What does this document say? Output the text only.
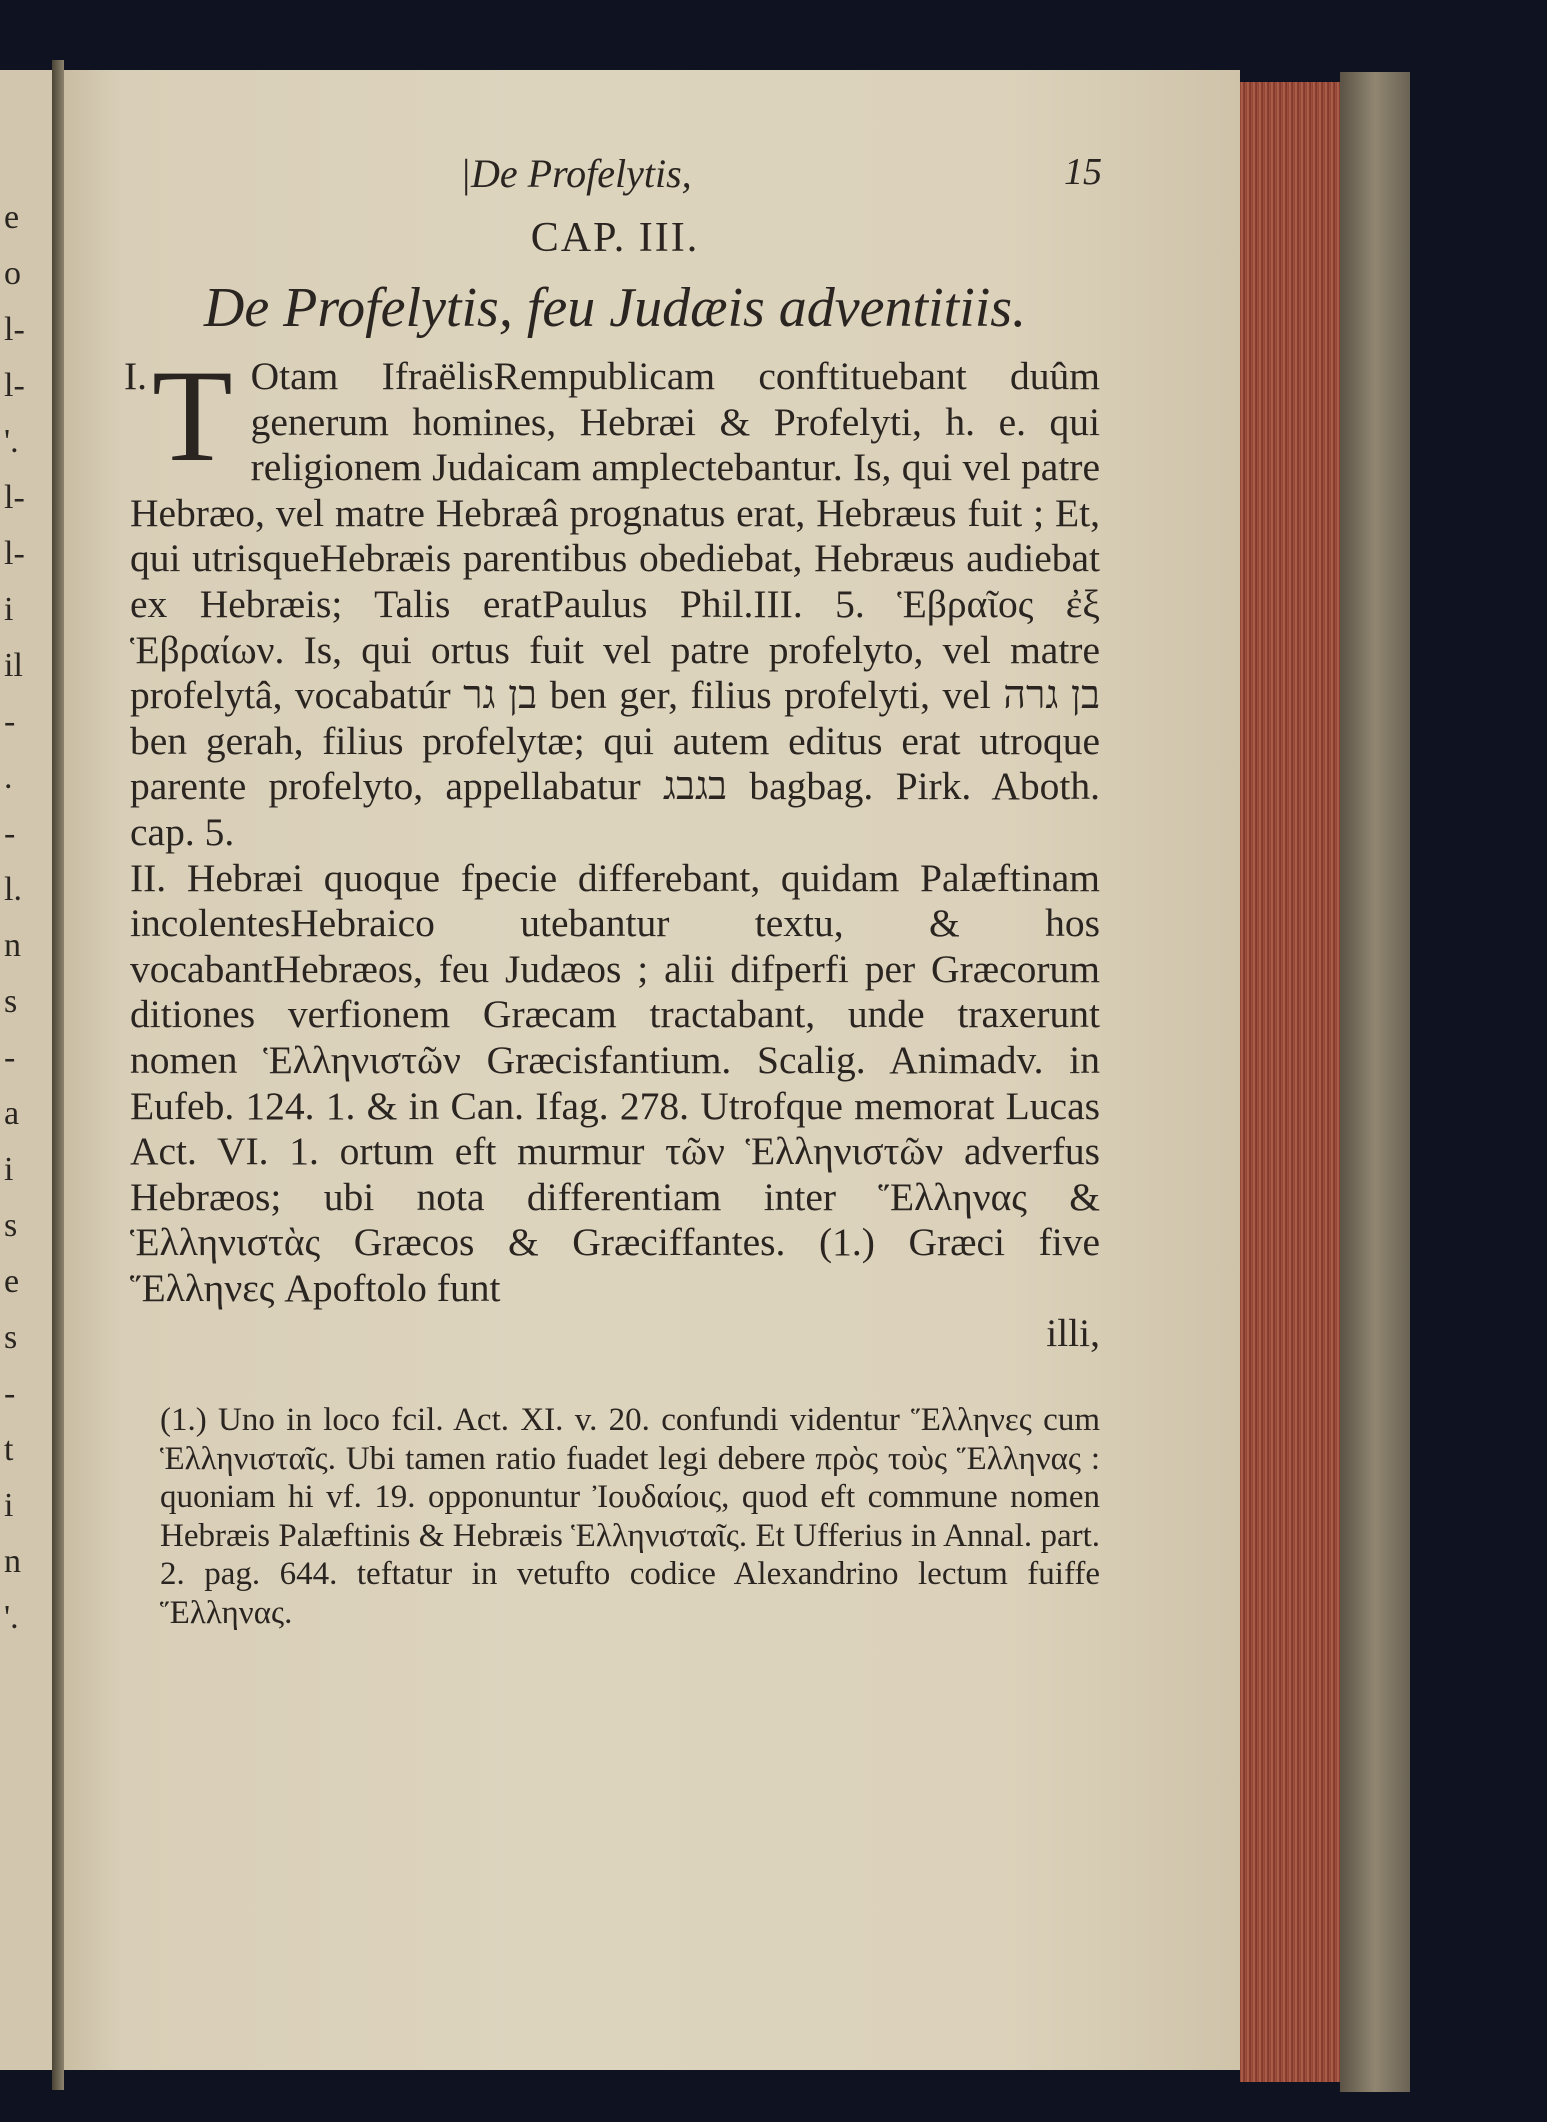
e
o
l-
l-
'.
l-
l-
i
il
-
.
-
l.
n
s
-
a
i
s
e
s
-
t
i
n
'.
|De Profelytis,	15
CAP. III.
De Profelytis, feu Judæis adventitiis.
I. T Otam IfraëlisRempublicam conftituebant duûm generum homines, Hebræi & Profelyti, h. e. qui religionem Judaicam amplectebantur. Is, qui vel patre Hebræo, vel matre Hebræâ prognatus erat, Hebræus fuit ; Et, qui utrisqueHebræis parentibus obediebat, Hebræus audiebat ex Hebræis; Talis eratPaulus Phil.III. 5. Ἑβραῖος ἐξ Ἑβραίων. Is, qui ortus fuit vel patre profelyto, vel matre profelytâ, vocabatúr בן גר ben ger, filius profelyti, vel בן גרה ben gerah, filius profelytæ; qui autem editus erat utroque parente profelyto, appellabatur בגבג bagbag. Pirk. Aboth. cap. 5.

II. Hebræi quoque fpecie differebant, quidam Palæftinam incolentesHebraico utebantur textu, & hos vocabantHebræos, feu Judæos ; alii difperfi per Græcorum ditiones verfionem Græcam tractabant, unde traxerunt nomen Ἑλληνιστῶν Græcisfantium. Scalig. Animadv. in Eufeb. 124. 1. & in Can. Ifag. 278. Utrofque memorat Lucas Act. VI. 1. ortum eft murmur τῶν Ἑλληνιστῶν adverfus Hebræos; ubi nota differentiam inter Ἕλληνας & Ἑλληνιστὰς Græcos & Græciffantes. (1.) Græci five Ἕλληνες Apoftolo funt

illi,

(1.) Uno in loco fcil. Act. XI. v. 20. confundi videntur Ἕλληνες cum Ἑλληνισταῖς. Ubi tamen ratio fuadet legi debere πρὸς τοὺς Ἕλληνας : quoniam hi vf. 19. opponuntur Ἰουδαίοις, quod eft commune nomen Hebræis Palæftinis & Hebræis Ἑλληνισταῖς. Et Ufferius in Annal. part. 2. pag. 644. teftatur in vetufto codice Alexandrino lectum fuiffe Ἕλληνας.
